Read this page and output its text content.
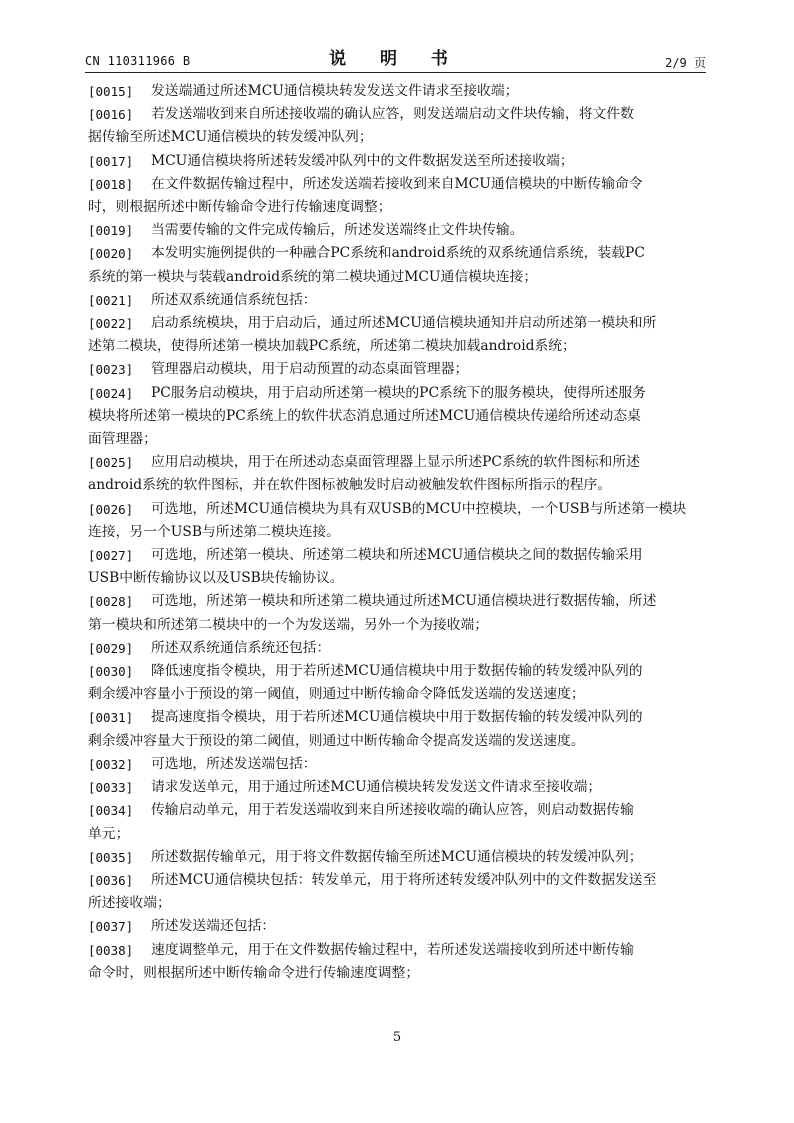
CN 110311966 B	说 明 书	2/9 页
[0015] 发送端通过所述MCU通信模块转发发送文件请求至接收端；
[0016] 若发送端收到来自所述接收端的确认应答，则发送端启动文件块传输，将文件数
据传输至所述MCU通信模块的转发缓冲队列；
[0017] MCU通信模块将所述转发缓冲队列中的文件数据发送至所述接收端；
[0018] 在文件数据传输过程中，所述发送端若接收到来自MCU通信模块的中断传输命令
时，则根据所述中断传输命令进行传输速度调整；
[0019] 当需要传输的文件完成传输后，所述发送端终止文件块传输。
[0020] 本发明实施例提供的一种融合PC系统和android系统的双系统通信系统，装载PC
系统的第一模块与装载android系统的第二模块通过MCU通信模块连接；
[0021] 所述双系统通信系统包括：
[0022] 启动系统模块，用于启动后，通过所述MCU通信模块通知并启动所述第一模块和所
述第二模块，使得所述第一模块加载PC系统，所述第二模块加载android系统；
[0023] 管理器启动模块，用于启动预置的动态桌面管理器；
[0024] PC服务启动模块，用于启动所述第一模块的PC系统下的服务模块，使得所述服务
模块将所述第一模块的PC系统上的软件状态消息通过所述MCU通信模块传递给所述动态桌
面管理器；
[0025] 应用启动模块，用于在所述动态桌面管理器上显示所述PC系统的软件图标和所述
android系统的软件图标，并在软件图标被触发时启动被触发软件图标所指示的程序。
[0026] 可选地，所述MCU通信模块为具有双USB的MCU中控模块，一个USB与所述第一模块
连接，另一个USB与所述第二模块连接。
[0027] 可选地，所述第一模块、所述第二模块和所述MCU通信模块之间的数据传输采用
USB中断传输协议以及USB块传输协议。
[0028] 可选地，所述第一模块和所述第二模块通过所述MCU通信模块进行数据传输，所述
第一模块和所述第二模块中的一个为发送端，另外一个为接收端；
[0029] 所述双系统通信系统还包括：
[0030] 降低速度指令模块，用于若所述MCU通信模块中用于数据传输的转发缓冲队列的
剩余缓冲容量小于预设的第一阈值，则通过中断传输命令降低发送端的发送速度；
[0031] 提高速度指令模块，用于若所述MCU通信模块中用于数据传输的转发缓冲队列的
剩余缓冲容量大于预设的第二阈值，则通过中断传输命令提高发送端的发送速度。
[0032] 可选地，所述发送端包括：
[0033] 请求发送单元，用于通过所述MCU通信模块转发发送文件请求至接收端；
[0034] 传输启动单元，用于若发送端收到来自所述接收端的确认应答，则启动数据传输
单元；
[0035] 所述数据传输单元，用于将文件数据传输至所述MCU通信模块的转发缓冲队列；
[0036] 所述MCU通信模块包括：转发单元，用于将所述转发缓冲队列中的文件数据发送至
所述接收端；
[0037] 所述发送端还包括：
[0038] 速度调整单元，用于在文件数据传输过程中，若所述发送端接收到所述中断传输
命令时，则根据所述中断传输命令进行传输速度调整；
5
